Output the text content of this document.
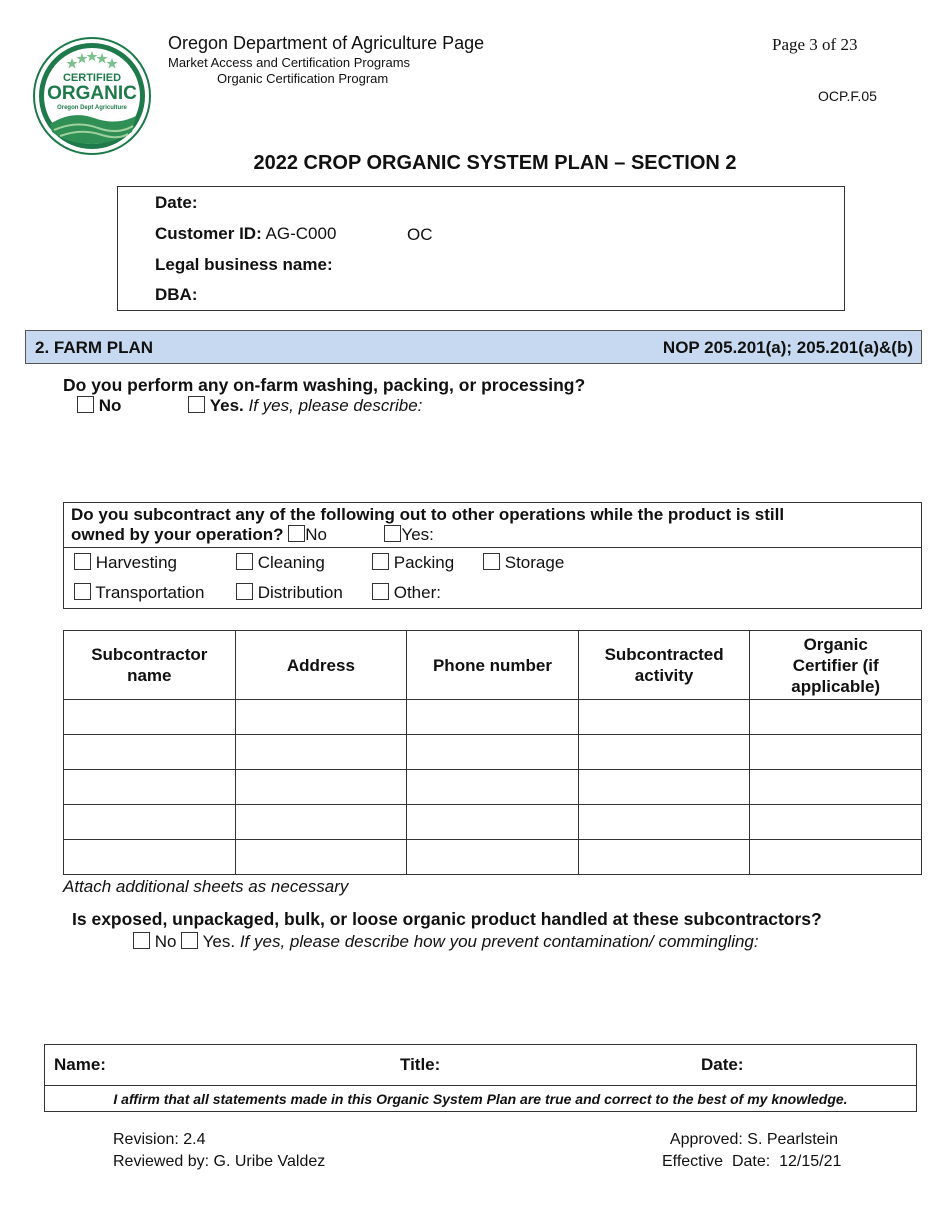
CERTIFIED
ORGANIC
Oregon Dept Agriculture
Oregon Department of Agriculture Page
Market Access and Certification Programs
Organic Certification Program
Page 3 of 23
OCP.F.05
2022 CROP ORGANIC SYSTEM PLAN – SECTION 2
Date:
Customer ID: AG-C000	OC
Legal business name:
DBA:
2. FARM PLAN	NOP 205.201(a); 205.201(a)&(b)
Do you perform any on-farm washing, packing, or processing?
No	Yes. If yes, please describe:
Do you subcontract any of the following out to other operations while the product is still
owned by your operation? No	Yes:
Harvesting	Cleaning	Packing	Storage
Transportation	Distribution	Other:
Subcontractor name	Address	Phone number	Subcontracted activity	Organic Certifier (if applicable)

Attach additional sheets as necessary
Is exposed, unpackaged, bulk, or loose organic product handled at these subcontractors?
No Yes. If yes, please describe how you prevent contamination/ commingling:
Name:	Title:	Date:
I affirm that all statements made in this Organic System Plan are true and correct to the best of my knowledge.
Revision: 2.4
Reviewed by: G. Uribe Valdez
Approved: S. Pearlstein
Effective  Date:  12/15/21
